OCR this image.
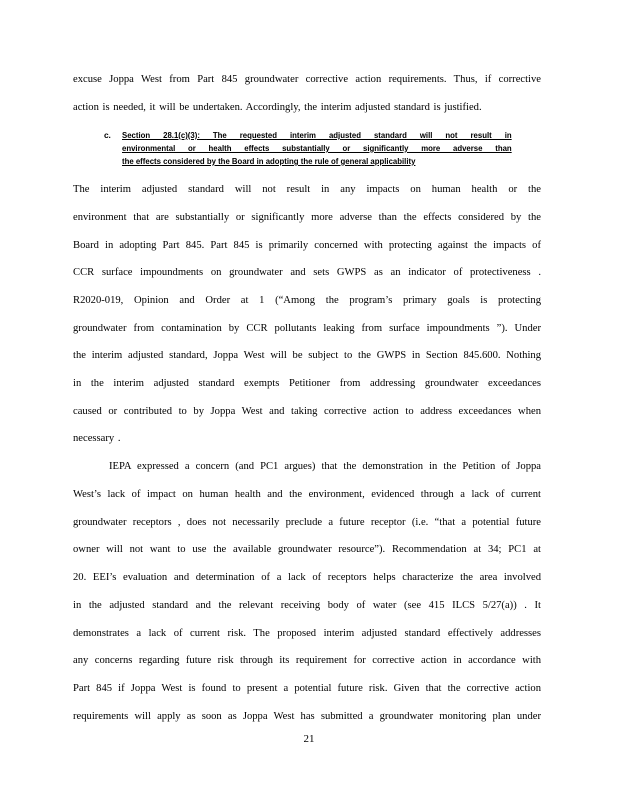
excuse Joppa West from Part 845 groundwater corrective action requirements. Thus, if corrective
action is needed, it will be undertaken. Accordingly, the interim adjusted standard is justified.
c.	Section 28.1(c)(3): The requested interim adjusted standard will not result in
environmental or health effects substantially or significantly more adverse than
the effects considered by the Board in adopting the rule of general applicability
The interim adjusted standard will not result in any impacts on human health or the
environment that are substantially or significantly more adverse than the effects considered by the
Board in adopting Part 845. Part 845 is primarily concerned with protecting against the impacts of
CCR surface impoundments on groundwater and sets GWPS as an indicator of protectiveness .
R2020-019, Opinion and Order at 1 (“Among the program’s primary goals is protecting
groundwater from contamination by CCR pollutants leaking from surface impoundments ”). Under
the interim adjusted standard, Joppa West will be subject to the GWPS in Section 845.600. Nothing
in the interim adjusted standard exempts Petitioner from addressing groundwater exceedances
caused or contributed to by Joppa West and taking corrective action to address exceedances when
necessary .
IEPA expressed a concern (and PC1 argues) that the demonstration in the Petition of Joppa
West’s lack of impact on human health and the environment, evidenced through a lack of current
groundwater receptors , does not necessarily preclude a future receptor (i.e. “that a potential future
owner will not want to use the available groundwater resource”). Recommendation at 34; PC1 at
20. EEI’s evaluation and determination of a lack of receptors helps characterize the area involved
in the adjusted standard and the relevant receiving body of water (see 415 ILCS 5/27(a)) . It
demonstrates a lack of current risk. The proposed interim adjusted standard effectively addresses
any concerns regarding future risk through its requirement for corrective action in accordance with
Part 845 if Joppa West is found to present a potential future risk. Given that the corrective action
requirements will apply as soon as Joppa West has submitted a groundwater monitoring plan under
21
